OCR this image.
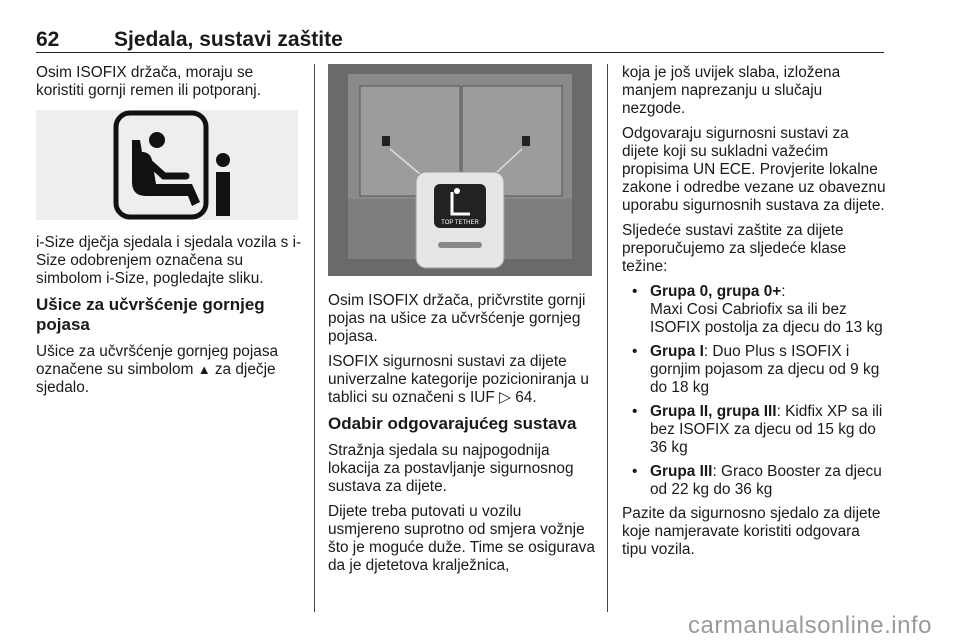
62	Sjedala, sustavi zaštite

Osim ISOFIX držača, moraju se koristiti gornji remen ili potporanj.

i-Size dječja sjedala i sjedala vozila s i-Size odobrenjem označena su simbolom i-Size, pogledajte sliku.

Ušice za učvršćenje gornjeg pojasa

Ušice za učvršćenje gornjeg pojasa označene su simbolom ▲ za dječje sjedalo.

TOP TETHER

Osim ISOFIX držača, pričvrstite gornji pojas na ušice za učvršćenje gornjeg pojasa.

ISOFIX sigurnosni sustavi za dijete univerzalne kategorije pozicioniranja u tablici su označeni s IUF ▷ 64.

Odabir odgovarajućeg sustava

Stražnja sjedala su najpogodnija lokacija za postavljanje sigurnosnog sustava za dijete.

Dijete treba putovati u vozilu usmjereno suprotno od smjera vožnje što je moguće duže. Time se osigurava da je djetetova kralježnica,

koja je još uvijek slaba, izložena manjem naprezanju u slučaju nezgode.

Odgovaraju sigurnosni sustavi za dijete koji su sukladni važećim propisima UN ECE. Provjerite lokalne zakone i odredbe vezane uz obaveznu uporabu sigurnosnih sustava za dijete.

Sljedeće sustavi zaštite za dijete preporučujemo za sljedeće klase težine:

• Grupa 0, grupa 0+:
Maxi Cosi Cabriofix sa ili bez ISOFIX postolja za djecu do 13 kg
• Grupa I: Duo Plus s ISOFIX i gornjim pojasom za djecu od 9 kg do 18 kg
• Grupa II, grupa III: Kidfix XP sa ili bez ISOFIX za djecu od 15 kg do 36 kg
• Grupa III: Graco Booster za djecu od 22 kg do 36 kg

Pazite da sigurnosno sjedalo za dijete koje namjeravate koristiti odgovara tipu vozila.

carmanualsonline.info
